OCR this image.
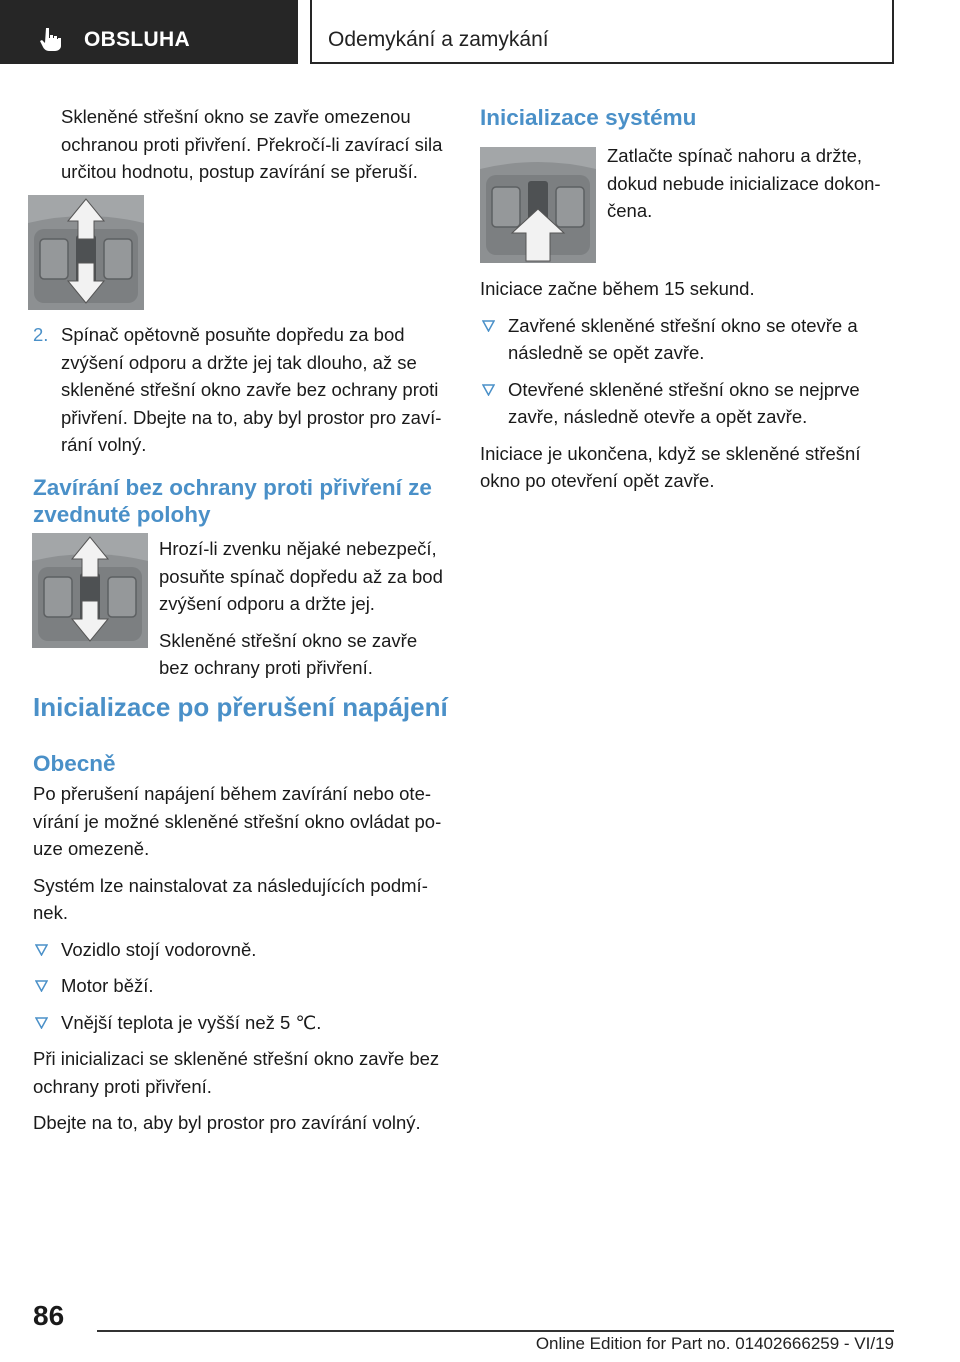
OBSLUHA	Odemykání a zamykání

Skleněné střešní okno se zavře omezenou ochranou proti přivření. Překročí-li zavírací sila určitou hodnotu, postup zavírání se přeruší.

2. Spínač opětovně posuňte dopředu za bod zvýšení odporu a držte jej tak dlouho, až se skleněné střešní okno zavře bez ochrany proti přivření. Dbejte na to, aby byl prostor pro zaví‐rání volný.
Zavírání bez ochrany proti přivření ze zvednuté polohy

Hrozí-li zvenku nějaké nebezpečí, posuňte spínač dopředu až za bod zvýšení odporu a držte jej.

Skleněné střešní okno se zavře bez ochrany proti přivření.

Inicializace po přerušení napájení
Obecně

Po přerušení napájení během zavírání nebo ote‐vírání je možné skleněné střešní okno ovládat po‐uze omezeně.

Systém lze nainstalovat za následujících podmí‐nek.

Vozidlo stojí vodorovně.
Motor běží.
Vnější teplota je vyšší než 5 ℃.

Při inicializaci se skleněné střešní okno zavře bez ochrany proti přivření.

Dbejte na to, aby byl prostor pro zavírání volný.

Inicializace systému

Zatlačte spínač nahoru a držte, dokud nebude inicializace dokon‐čena.

Iniciace začne během 15 sekund.

Zavřené skleněné střešní okno se otevře a následně se opět zavře.
Otevřené skleněné střešní okno se nejprve zavře, následně otevře a opět zavře.

Iniciace je ukončena, když se skleněné střešní okno po otevření opět zavře.

86
Online Edition for Part no. 01402666259 - VI/19
